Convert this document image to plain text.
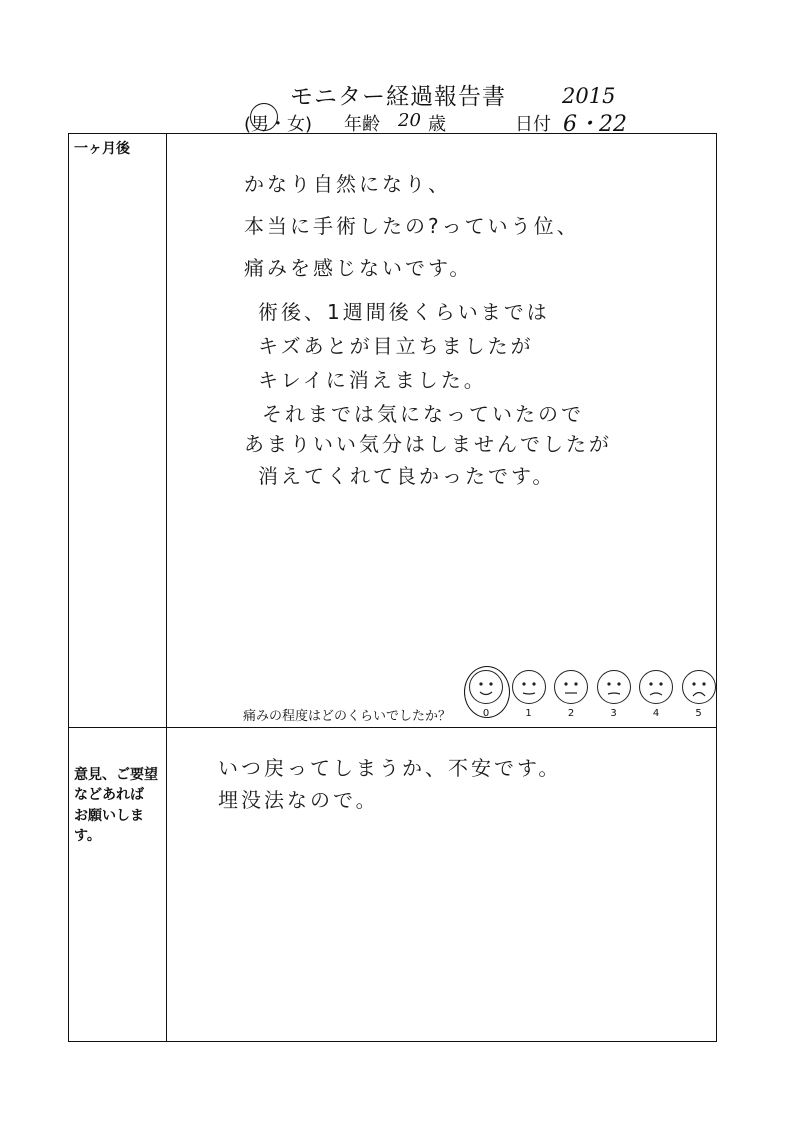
モニター経過報告書	2015
(男・女) 年齢 20 歳	日付 6・22
一ヶ月後
かなり自然になり、
本当に手術したの?っていう位、
痛みを感じないです。
術後、1週間後くらいまでは
キズあとが目立ちましたが
キレイに消えました。
それまでは気になっていたので
あまりいい気分はしませんでしたが
消えてくれて良かったです。
痛みの程度はどのくらいでしたか？	0	1	2	3	4	5
意見、ご要望
などあれば
お願いしま
す。
いつ戻ってしまうか、不安です。
埋没法なので。
